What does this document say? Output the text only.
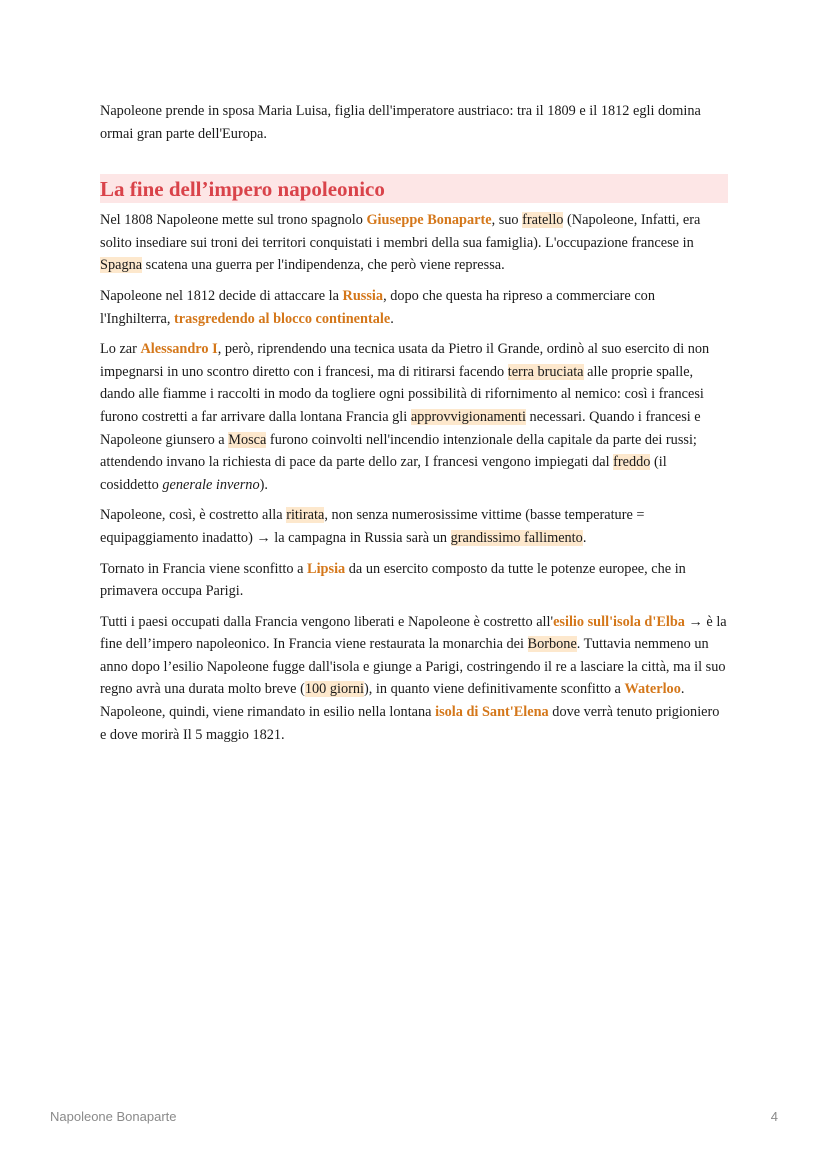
Napoleone prende in sposa Maria Luisa, figlia dell'imperatore austriaco: tra il 1809 e il 1812 egli domina ormai gran parte dell'Europa.

La fine dell’impero napoleonico

Nel 1808 Napoleone mette sul trono spagnolo Giuseppe Bonaparte, suo fratello (Napoleone, Infatti, era solito insediare sui troni dei territori conquistati i membri della sua famiglia). L'occupazione francese in Spagna scatena una guerra per l'indipendenza, che però viene repressa.

Napoleone nel 1812 decide di attaccare la Russia, dopo che questa ha ripreso a commerciare con l'Inghilterra, trasgredendo al blocco continentale.

Lo zar Alessandro I, però, riprendendo una tecnica usata da Pietro il Grande, ordinò al suo esercito di non impegnarsi in uno scontro diretto con i francesi, ma di ritirarsi facendo terra bruciata alle proprie spalle, dando alle fiamme i raccolti in modo da togliere ogni possibilità di rifornimento al nemico: così i francesi furono costretti a far arrivare dalla lontana Francia gli approvvigionamenti necessari. Quando i francesi e Napoleone giunsero a Mosca furono coinvolti nell'incendio intenzionale della capitale da parte dei russi; attendendo invano la richiesta di pace da parte dello zar, I francesi vengono impiegati dal freddo (il cosiddetto generale inverno).

Napoleone, così, è costretto alla ritirata, non senza numerosissime vittime (basse temperature = equipaggiamento inadatto) → la campagna in Russia sarà un grandissimo fallimento.

Tornato in Francia viene sconfitto a Lipsia da un esercito composto da tutte le potenze europee, che in primavera occupa Parigi.

Tutti i paesi occupati dalla Francia vengono liberati e Napoleone è costretto all'esilio sull'isola d'Elba → è la fine dell’impero napoleonico. In Francia viene restaurata la monarchia dei Borbone. Tuttavia nemmeno un anno dopo l’esilio Napoleone fugge dall'isola e giunge a Parigi, costringendo il re a lasciare la città, ma il suo regno avrà una durata molto breve (100 giorni), in quanto viene definitivamente sconfitto a Waterloo. Napoleone, quindi, viene rimandato in esilio nella lontana isola di Sant'Elena dove verrà tenuto prigioniero e dove morirà Il 5 maggio 1821.

Napoleone Bonaparte	4
